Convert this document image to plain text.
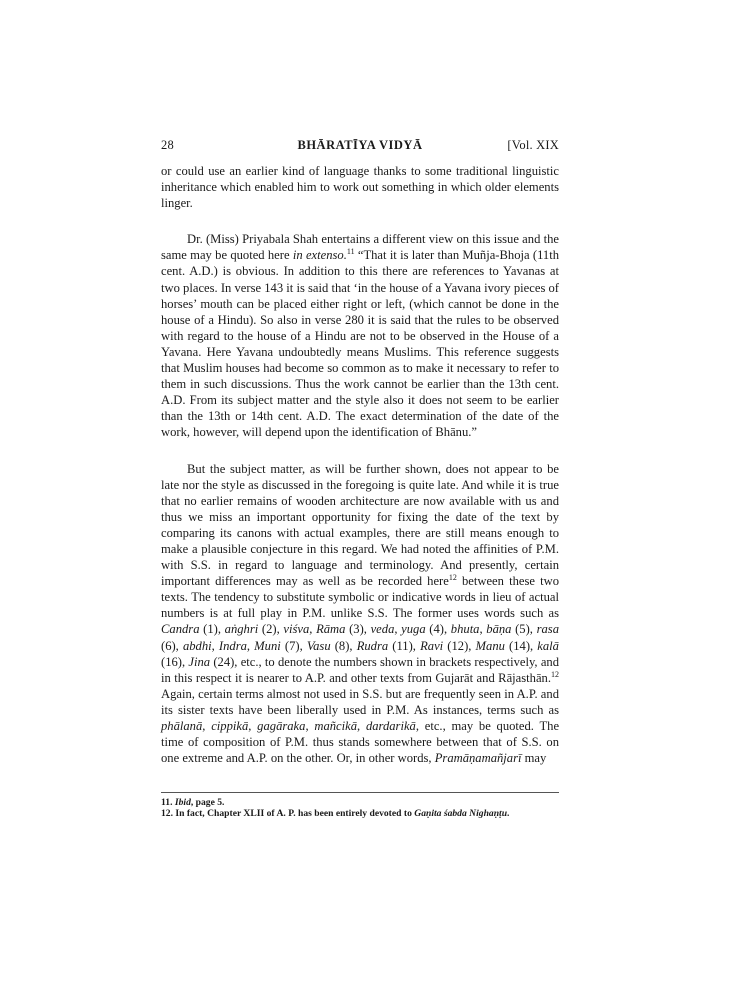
28	BHĀRATĪYA VIDYĀ	[Vol. XIX

or could use an earlier kind of language thanks to some traditional linguistic inheritance which enabled him to work out something in which older elements linger.

Dr. (Miss) Priyabala Shah entertains a different view on this issue and the same may be quoted here in extenso.$^{11}$ “That it is later than Muñja-Bhoja (11th cent. A.D.) is obvious. In addition to this there are references to Yavanas at two places. In verse 143 it is said that ‘in the house of a Yavana ivory pieces of horses’ mouth can be placed either right or left, (which cannot be done in the house of a Hindu). So also in verse 280 it is said that the rules to be observed with regard to the house of a Hindu are not to be observed in the House of a Yavana. Here Yavana undoubtedly means Muslims. This reference suggests that Muslim houses had become so common as to make it necessary to refer to them in such discussions. Thus the work cannot be earlier than the 13th cent. A.D. From its subject matter and the style also it does not seem to be earlier than the 13th or 14th cent. A.D. The exact determination of the date of the work, however, will depend upon the identification of Bhānu.”

But the subject matter, as will be further shown, does not appear to be late nor the style as discussed in the foregoing is quite late. And while it is true that no earlier remains of wooden architecture are now available with us and thus we miss an important opportunity for fixing the date of the text by comparing its canons with actual examples, there are still means enough to make a plausible conjecture in this regard. We had noted the affinities of P.M. with S.S. in regard to language and terminology. And presently, certain important differences may as well as be recorded here$^{12}$ between these two texts. The tendency to substitute symbolic or indicative words in lieu of actual numbers is at full play in P.M. unlike S.S. The former uses words such as Candra (1), aṅghri (2), viśva, Rāma (3), veda, yuga (4), bhuta, bāṇa (5), rasa (6), abdhi, Indra, Muni (7), Vasu (8), Rudra (11), Ravi (12), Manu (14), kalā (16), Jina (24), etc., to denote the numbers shown in brackets respectively, and in this respect it is nearer to A.P. and other texts from Gujarāt and Rājasthān.$^{12}$ Again, certain terms almost not used in S.S. but are frequently seen in A.P. and its sister texts have been liberally used in P.M. As instances, terms such as phālanā, cippikā, gagāraka, mañcikā, dardarikā, etc., may be quoted. The time of composition of P.M. thus stands somewhere between that of S.S. on one extreme and A.P. on the other. Or, in other words, Pramāṇamañjarī may

11. Ibid, page 5.

12. In fact, Chapter XLII of A. P. has been entirely devoted to Gaṇita śabda Nighaṇṭu.
